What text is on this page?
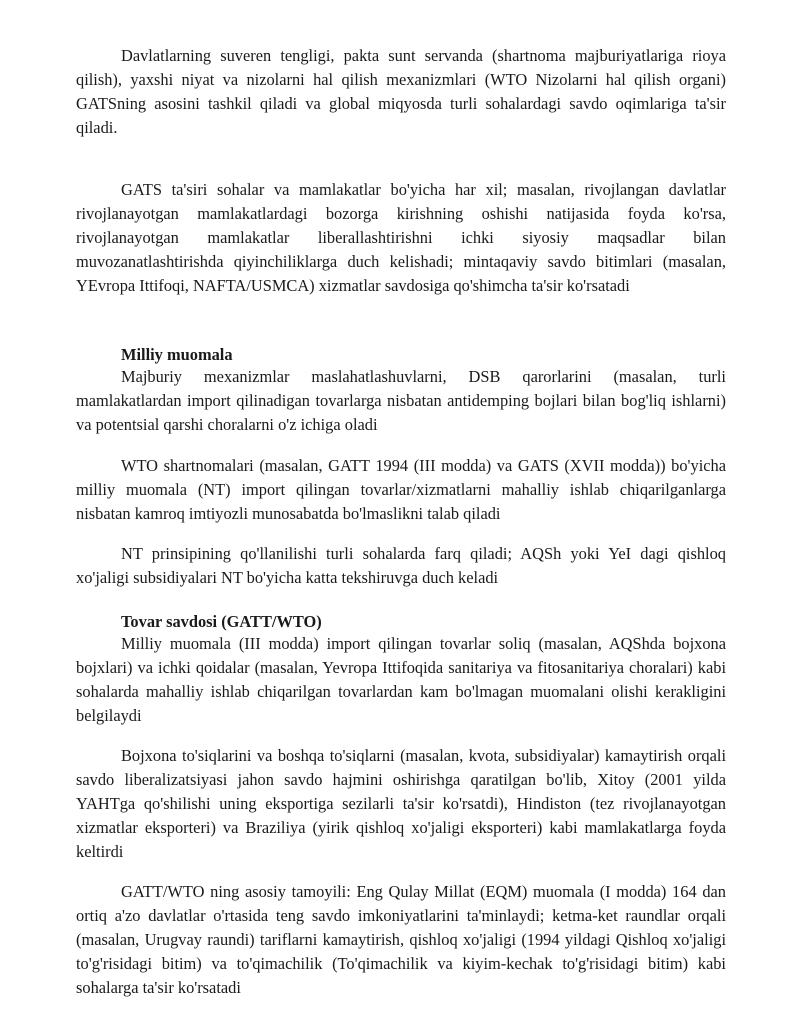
Davlatlarning suveren tengligi, pakta sunt servanda (shartnoma majburiyatlariga rioya qilish), yaxshi niyat va nizolarni hal qilish mexanizmlari (WTO Nizolarni hal qilish organi) GATSning asosini tashkil qiladi va global miqyosda turli sohalardagi savdo oqimlariga ta'sir qiladi.

GATS ta'siri sohalar va mamlakatlar bo'yicha har xil; masalan, rivojlangan davlatlar rivojlanayotgan mamlakatlardagi bozorga kirishning oshishi natijasida foyda ko'rsa, rivojlanayotgan mamlakatlar liberallashtirishni ichki siyosiy maqsadlar bilan muvozanatlashtirishda qiyinchiliklarga duch kelishadi; mintaqaviy savdo bitimlari (masalan, YEvropa Ittifoqi, NAFTA/USMCA) xizmatlar savdosiga qo'shimcha ta'sir ko'rsatadi

Milliy muomala

Majburiy mexanizmlar maslahatlashuvlarni, DSB qarorlarini (masalan, turli mamlakatlardan import qilinadigan tovarlarga nisbatan antidemping bojlari bilan bog'liq ishlarni) va potentsial qarshi choralarni o'z ichiga oladi

WTO shartnomalari (masalan, GATT 1994 (III modda) va GATS (XVII modda)) bo'yicha milliy muomala (NT) import qilingan tovarlar/xizmatlarni mahalliy ishlab chiqarilganlarga nisbatan kamroq imtiyozli munosabatda bo'lmaslikni talab qiladi

NT prinsipining qo'llanilishi turli sohalarda farq qiladi; AQSh yoki YeI dagi qishloq xo'jaligi subsidiyalari NT bo'yicha katta tekshiruvga duch keladi

Tovar savdosi (GATT/WTO)

Milliy muomala (III modda) import qilingan tovarlar soliq (masalan, AQShda bojxona bojxlari) va ichki qoidalar (masalan, Yevropa Ittifoqida sanitariya va fitosanitariya choralari) kabi sohalarda mahalliy ishlab chiqarilgan tovarlardan kam bo'lmagan muomalani olishi kerakligini belgilaydi

Bojxona to'siqlarini va boshqa to'siqlarni (masalan, kvota, subsidiyalar) kamaytirish orqali savdo liberalizatsiyasi jahon savdo hajmini oshirishga qaratilgan bo'lib, Xitoy (2001 yilda YAHTga qo'shilishi uning eksportiga sezilarli ta'sir ko'rsatdi), Hindiston (tez rivojlanayotgan xizmatlar eksporteri) va Braziliya (yirik qishloq xo'jaligi eksporteri) kabi mamlakatlarga foyda keltirdi

GATT/WTO ning asosiy tamoyili: Eng Qulay Millat (EQM) muomala (I modda) 164 dan ortiq a'zo davlatlar o'rtasida teng savdo imkoniyatlarini ta'minlaydi; ketma-ket raundlar orqali (masalan, Urugvay raundi) tariflarni kamaytirish, qishloq xo'jaligi (1994 yildagi Qishloq xo'jaligi to'g'risidagi bitim) va to'qimachilik (To'qimachilik va kiyim-kechak to'g'risidagi bitim) kabi sohalarga ta'sir ko'rsatadi
